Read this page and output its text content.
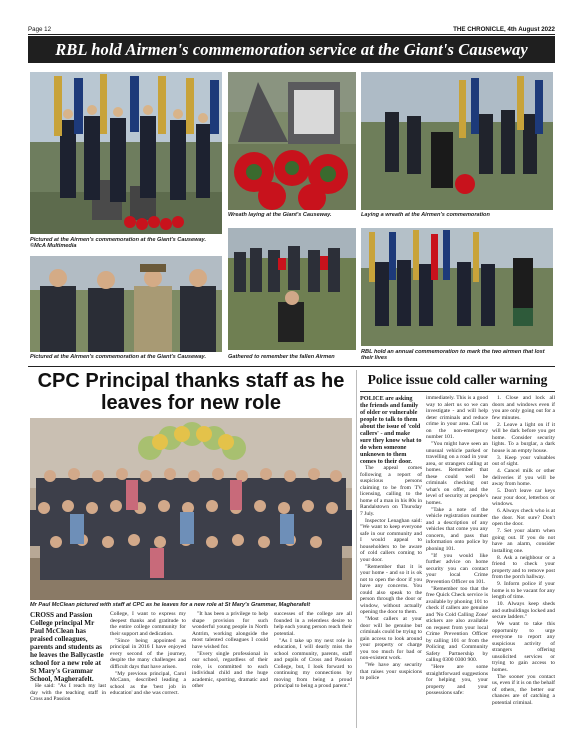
Page 12	THE CHRONICLE, 4th August 2022
RBL hold Airmen's commemoration service at the Giant's Causeway
Pictured at the Airmen's commemoration at the Giant's Causeway. ©McA Multimedia
Wreath laying at the Giant's Causeway.	Laying a wreath at the Airmen's commemoration
Pictured at the Airmen's commemoration at the Giant's Causeway.	Gathered to remember the fallen Airmen
RBL hold an annual commemoration to mark the two airmen that lost their lives
CPC Principal thanks staff as he leaves for new role
Mr Paul McClean pictured with staff at CPC as he leaves for a new role at St Mary's Grammar, Magherafelt
CROSS and Passion College principal Mr Paul McClean has praised colleagues, parents and students as he leaves the Ballycastle school for a new role at St Mary's Grammar School, Magherafelt.

He said: "As I reach my last day with the teaching staff in Cross and Passion

College, I want to express my deepest thanks and gratitude to the entire college community for their support and dedication.

"Since being appointed as principal in 2016 I have enjoyed every second of the journey, despite the many challenges and difficult days that have arisen.

"My previous principal, Carol McCann, described leading a school as the 'best job in education' and she was correct.

"It has been a privilege to help shape provision for such wonderful young people in North Antrim, working alongside the most talented colleagues I could have wished for.

"Every single professional in our school, regardless of their role, is committed to each individual child and the huge academic, sporting, dramatic and other

successes of the college are all founded in a relentless desire to help each young person reach their potential.

"As I take up my next role in education, I will dearly miss the school community, parents, staff and pupils of Cross and Passion College, but, I look forward to continuing my connections by moving from being a proud principal to being a proud parent."

Police issue cold caller warning
POLICE are asking the friends and family of older or vulnerable people to talk to them about the issue of 'cold callers' - and make sure they know what to do when someone unknown to them comes to their door.

The appeal comes following a report of suspicious persons claiming to be from TV licensing, calling to the home of a man in his 80s in Randalstown on Thursday 7 July.

Inspector Lenaghan said: "We want to keep everyone safe in our community and I would appeal to householders to be aware of cold callers coming to your door.

"Remember that it is your home - and so it is ok not to open the door if you have any concerns. You could also speak to the person through the door or window, without actually opening the door to them.

"Most callers at your door will be genuine but criminals could be trying to gain access to look around your property or charge you too much for bad or non-existent work.

"We have any security that raises your suspicions to police

immediately. This is a good way to alert us so we can investigate - and will help deter criminals and reduce crime in your area. Call us on the non-emergency number 101.

"You might have seen an unusual vehicle parked or travelling on a road in your area, or strangers calling at homes. Remember that these could well be criminals checking out what's on offer, and the level of security at people's homes.

"Take a note of the vehicle registration number and a description of any vehicles that come you any concern, and pass that information onto police by phoning 101.

"If you would like further advice on home security you can contact your local Crime Prevention Officer on 101.

"Remember too that the free Quick Check service is available by phoning 101 to check if callers are genuine and 'No Cold Calling Zone' stickers are also available on request from your local Crime Prevention Officer by calling 101 or from the Policing and Community Safety Partnership by calling 0300 0300 900.

"Here are some straightforward suggestions for helping you, your property and your possessions safe:

1. Close and lock all doors and windows even if you are only going out for a few minutes.

2. Leave a light on if it will be dark before you get home. Consider security lights. To a burglar, a dark house is an empty house.

3. Keep your valuables out of sight.

4. Cancel milk or other deliveries if you will be away from home.

5. Don't leave car keys near your door, letterbox or windows.

6. Always check who is at the door. Not sure? Don't open the door.

7. Set your alarm when going out. If you do not have an alarm, consider installing one.

8. Ask a neighbour or a friend to check your property and to remove post from the porch hallway.

9. Inform police if your home is to be vacant for any length of time.

10. Always keep sheds and outbuildings locked and secure ladders."

We want to take this opportunity to urge everyone to report any suspicious activity of strangers offering unsolicited services or trying to gain access to homes.

The sooner you contact us, even if it is on the behalf of others, the better our chances are of catching a potential criminal.
